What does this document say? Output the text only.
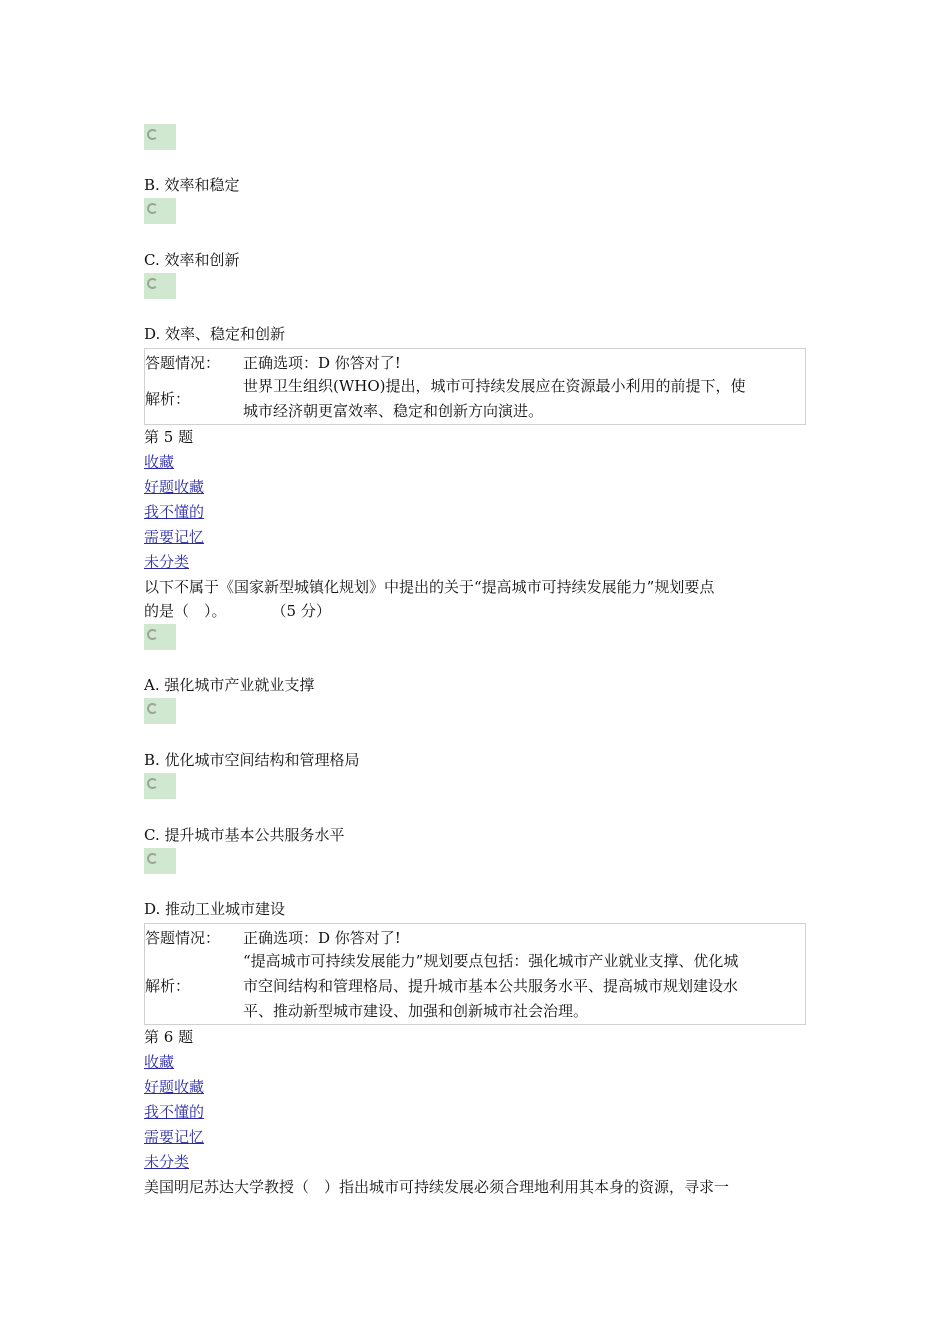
B. 效率和稳定
C. 效率和创新
D. 效率、稳定和创新
答题情况： 正确选项：D 你答对了!
解析：
世界卫生组织(WHO)提出，城市可持续发展应在资源最小利用的前提下，使
城市经济朝更富效率、稳定和创新方向演进。
第 5 题
收藏
好题收藏
我不懂的
需要记忆
未分类
以下不属于《国家新型城镇化规划》中提出的关于“提高城市可持续发展能力”规划要点
的是（　）。　　　　（5 分）
A. 强化城市产业就业支撑
B. 优化城市空间结构和管理格局
C. 提升城市基本公共服务水平
D. 推动工业城市建设
答题情况： 正确选项：D 你答对了!
解析：
“提高城市可持续发展能力”规划要点包括：强化城市产业就业支撑、优化城
市空间结构和管理格局、提升城市基本公共服务水平、提高城市规划建设水
平、推动新型城市建设、加强和创新城市社会治理。
第 6 题
收藏
好题收藏
我不懂的
需要记忆
未分类
美国明尼苏达大学教授（　）指出城市可持续发展必须合理地利用其本身的资源，寻求一
